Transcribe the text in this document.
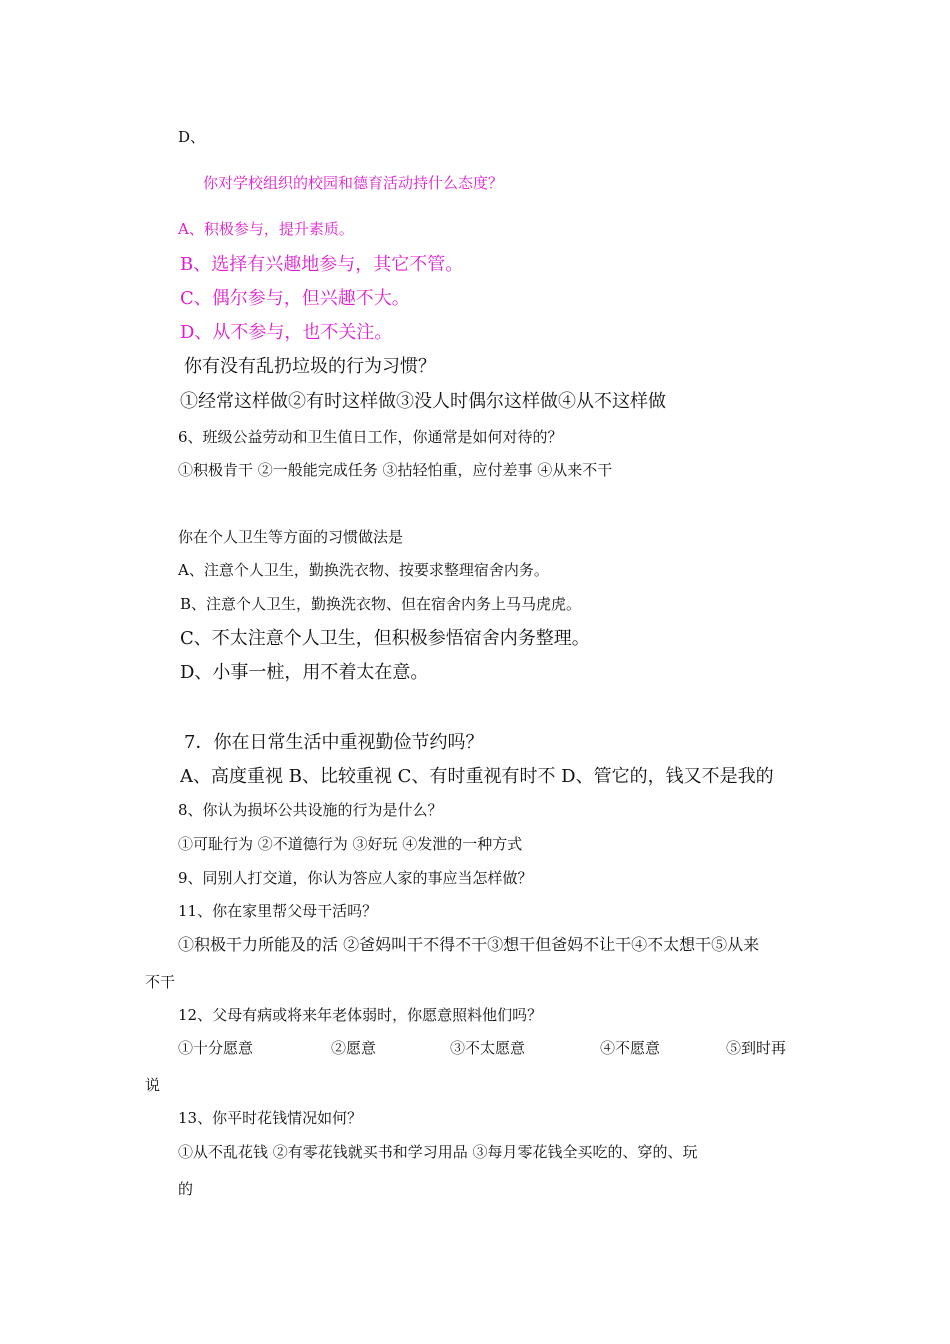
D、
你对学校组织的校园和德育活动持什么态度？
A、积极参与，提升素质。
B、选择有兴趣地参与，其它不管。
C、偶尔参与，但兴趣不大。
D、从不参与，也不关注。
你有没有乱扔垃圾的行为习惯？
①经常这样做②有时这样做③没人时偶尔这样做④从不这样做
6、班级公益劳动和卫生值日工作，你通常是如何对待的？
①积极肯干 ②一般能完成任务 ③拈轻怕重，应付差事 ④从来不干
你在个人卫生等方面的习惯做法是
A、注意个人卫生，勤换洗衣物、按要求整理宿舍内务。
B、注意个人卫生，勤换洗衣物、但在宿舍内务上马马虎虎。
C、不太注意个人卫生，但积极参悟宿舍内务整理。
D、小事一桩，用不着太在意。
7．你在日常生活中重视勤俭节约吗？
A、高度重视 B、比较重视 C、有时重视有时不 D、管它的，钱又不是我的
8、你认为损坏公共设施的行为是什么？
①可耻行为 ②不道德行为 ③好玩 ④发泄的一种方式
9、同别人打交道，你认为答应人家的事应当怎样做？
11、你在家里帮父母干活吗？
①积极干力所能及的活 ②爸妈叫干不得不干③想干但爸妈不让干④不太想干⑤从来
不干
12、父母有病或将来年老体弱时，你愿意照料他们吗？
①十分愿意	②愿意	③不太愿意	④不愿意	⑤到时再
说
13、你平时花钱情况如何？
①从不乱花钱 ②有零花钱就买书和学习用品 ③每月零花钱全买吃的、穿的、玩
的
